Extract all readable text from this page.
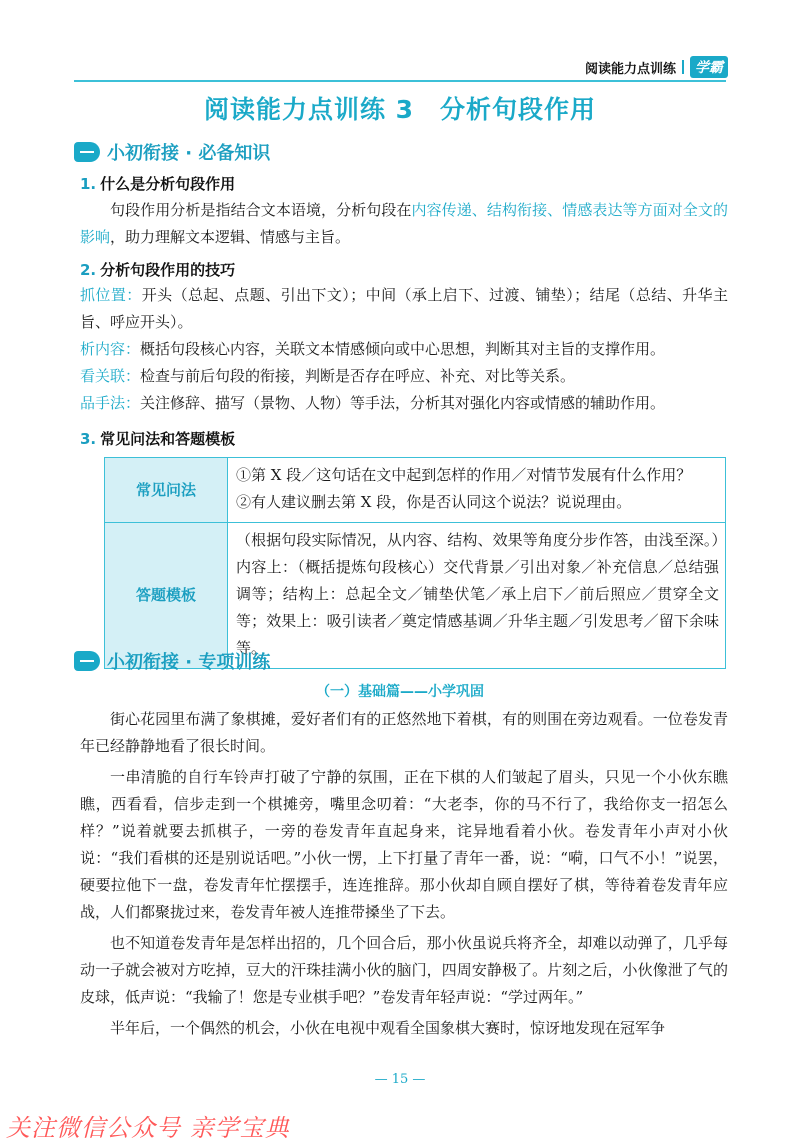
阅读能力点训练	学霸
阅读能力点训练 3　分析句段作用
小初衔接 · 必备知识
1. 什么是分析句段作用
句段作用分析是指结合文本语境，分析句段在内容传递、结构衔接、情感表达等方面对全文的影响，助力理解文本逻辑、情感与主旨。
2. 分析句段作用的技巧
抓位置：开头（总起、点题、引出下文）；中间（承上启下、过渡、铺垫）；结尾（总结、升华主旨、呼应开头）。
析内容：概括句段核心内容，关联文本情感倾向或中心思想，判断其对主旨的支撑作用。
看关联：检查与前后句段的衔接，判断是否存在呼应、补充、对比等关系。
品手法：关注修辞、描写（景物、人物）等手法，分析其对强化内容或情感的辅助作用。
3. 常见问法和答题模板
常见问法	①第 X 段／这句话在文中起到怎样的作用／对情节发展有什么作用？
②有人建议删去第 X 段，你是否认同这个说法？说说理由。

答题模板	（根据句段实际情况，从内容、结构、效果等角度分步作答，由浅至深。）内容上：（概括提炼句段核心）交代背景／引出对象／补充信息／总结强调等；结构上：总起全文／铺垫伏笔／承上启下／前后照应／贯穿全文等；效果上：吸引读者／奠定情感基调／升华主题／引发思考／留下余味等。
小初衔接 · 专项训练
（一）基础篇——小学巩固

街心花园里布满了象棋摊，爱好者们有的正悠然地下着棋，有的则围在旁边观看。一位卷发青年已经静静地看了很长时间。

一串清脆的自行车铃声打破了宁静的氛围，正在下棋的人们皱起了眉头，只见一个小伙东瞧瞧，西看看，信步走到一个棋摊旁，嘴里念叨着：“大老李，你的马不行了，我给你支一招怎么样？”说着就要去抓棋子，一旁的卷发青年直起身来，诧异地看着小伙。卷发青年小声对小伙说：“我们看棋的还是别说话吧。”小伙一愣，上下打量了青年一番，说：“嗬，口气不小！”说罢，硬要拉他下一盘，卷发青年忙摆摆手，连连推辞。那小伙却自顾自摆好了棋，等待着卷发青年应战，人们都聚拢过来，卷发青年被人连推带搡坐了下去。

也不知道卷发青年是怎样出招的，几个回合后，那小伙虽说兵将齐全，却难以动弹了，几乎每动一子就会被对方吃掉，豆大的汗珠挂满小伙的脑门，四周安静极了。片刻之后，小伙像泄了气的皮球，低声说：“我输了！您是专业棋手吧？”卷发青年轻声说：“学过两年。”

半年后，一个偶然的机会，小伙在电视中观看全国象棋大赛时，惊讶地发现在冠军争

— 15 —
关注微信公众号 亲学宝典
